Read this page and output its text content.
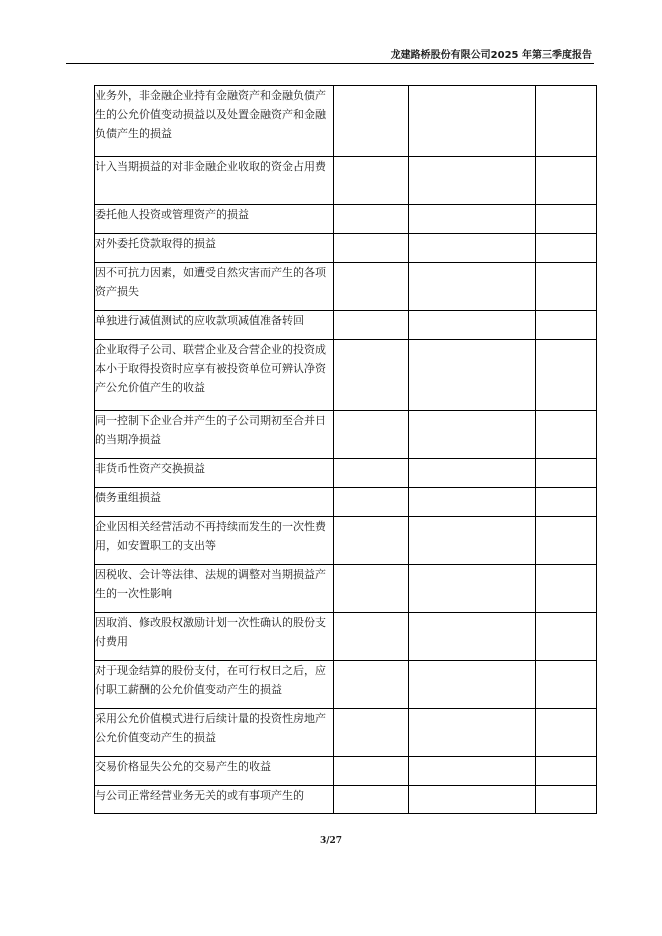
龙建路桥股份有限公司2025 年第三季度报告
业务外，非金融企业持有金融资产和金融负债产生的公允价值变动损益以及处置金融资产和金融负债产生的损益			
计入当期损益的对非金融企业收取的资金占用费			
委托他人投资或管理资产的损益			
对外委托贷款取得的损益			
因不可抗力因素，如遭受自然灾害而产生的各项资产损失			
单独进行减值测试的应收款项减值准备转回			
企业取得子公司、联营企业及合营企业的投资成本小于取得投资时应享有被投资单位可辨认净资产公允价值产生的收益			
同一控制下企业合并产生的子公司期初至合并日的当期净损益			
非货币性资产交换损益			
债务重组损益			
企业因相关经营活动不再持续而发生的一次性费用，如安置职工的支出等			
因税收、会计等法律、法规的调整对当期损益产生的一次性影响			
因取消、修改股权激励计划一次性确认的股份支付费用			
对于现金结算的股份支付，在可行权日之后，应付职工薪酬的公允价值变动产生的损益			
采用公允价值模式进行后续计量的投资性房地产公允价值变动产生的损益			
交易价格显失公允的交易产生的收益			
与公司正常经营业务无关的或有事项产生的			
3/27
